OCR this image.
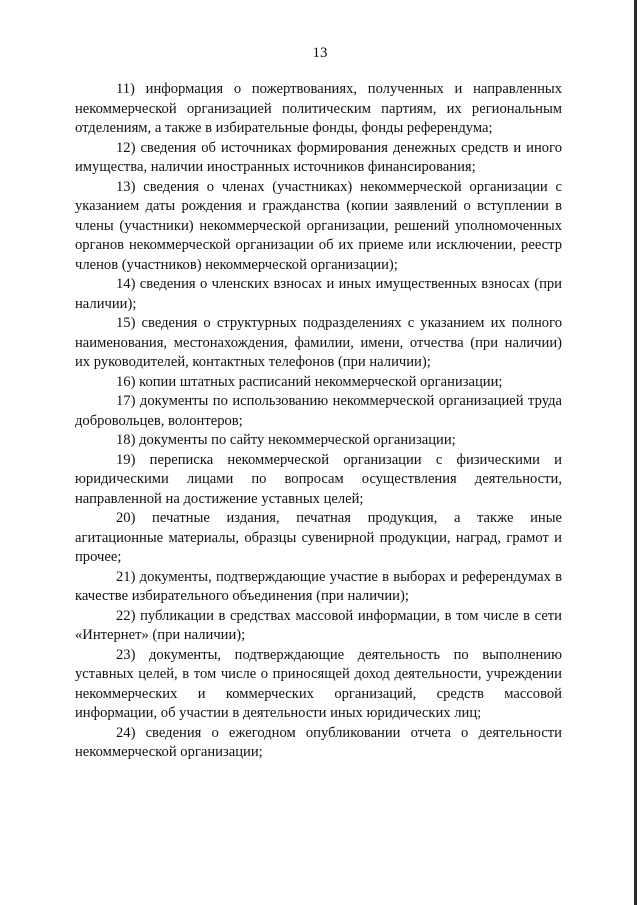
13

11) информация о пожертвованиях, полученных и направленных некоммерческой организацией политическим партиям, их региональным отделениям, а также в избирательные фонды, фонды референдума;

12) сведения об источниках формирования денежных средств и иного имущества, наличии иностранных источников финансирования;

13) сведения о членах (участниках) некоммерческой организации с указанием даты рождения и гражданства (копии заявлений о вступлении в члены (участники) некоммерческой организации, решений уполномоченных органов некоммерческой организации об их приеме или исключении, реестр членов (участников) некоммерческой организации);

14) сведения о членских взносах и иных имущественных взносах (при наличии);

15) сведения о структурных подразделениях с указанием их полного наименования, местонахождения, фамилии, имени, отчества (при наличии) их руководителей, контактных телефонов (при наличии);

16) копии штатных расписаний некоммерческой организации;

17) документы по использованию некоммерческой организацией труда добровольцев, волонтеров;

18) документы по сайту некоммерческой организации;

19) переписка некоммерческой организации с физическими и юридическими лицами по вопросам осуществления деятельности, направленной на достижение уставных целей;

20) печатные издания, печатная продукция, а также иные агитационные материалы, образцы сувенирной продукции, наград, грамот и прочее;

21) документы, подтверждающие участие в выборах и референдумах в качестве избирательного объединения (при наличии);

22) публикации в средствах массовой информации, в том числе в сети «Интернет» (при наличии);

23) документы, подтверждающие деятельность по выполнению уставных целей, в том числе о приносящей доход деятельности, учреждении некоммерческих и коммерческих организаций, средств массовой информации, об участии в деятельности иных юридических лиц;

24) сведения о ежегодном опубликовании отчета о деятельности некоммерческой организации;
